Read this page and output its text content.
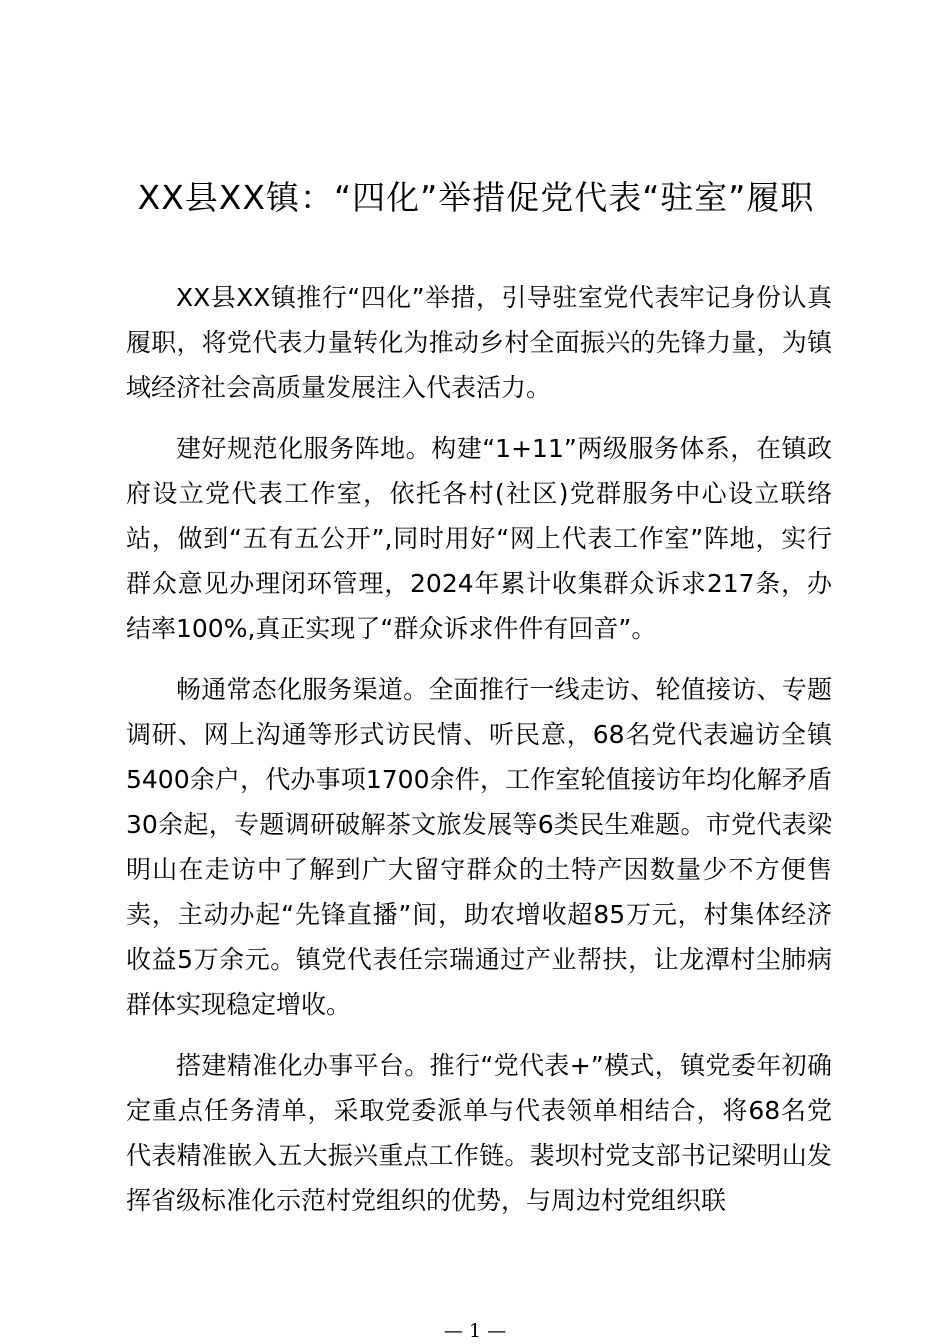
XX县XX镇：“四化”举措促党代表“驻室”履职

XX县XX镇推行“四化”举措，引导驻室党代表牢记身份认真履职，将党代表力量转化为推动乡村全面振兴的先锋力量，为镇域经济社会高质量发展注入代表活力。

建好规范化服务阵地。构建“1+11”两级服务体系，在镇政府设立党代表工作室，依托各村(社区)党群服务中心设立联络站，做到“五有五公开”,同时用好“网上代表工作室”阵地，实行群众意见办理闭环管理，2024年累计收集群众诉求217条，办结率100%,真正实现了“群众诉求件件有回音”。

畅通常态化服务渠道。全面推行一线走访、轮值接访、专题调研、网上沟通等形式访民情、听民意，68名党代表遍访全镇5400余户，代办事项1700余件，工作室轮值接访年均化解矛盾30余起，专题调研破解茶文旅发展等6类民生难题。市党代表梁明山在走访中了解到广大留守群众的土特产因数量少不方便售卖，主动办起“先锋直播”间，助农增收超85万元，村集体经济收益5万余元。镇党代表任宗瑞通过产业帮扶，让龙潭村尘肺病群体实现稳定增收。

搭建精准化办事平台。推行“党代表+”模式，镇党委年初确定重点任务清单，采取党委派单与代表领单相结合，将68名党代表精准嵌入五大振兴重点工作链。裴坝村党支部书记梁明山发挥省级标准化示范村党组织的优势，与周边村党组织联

— 1 —
